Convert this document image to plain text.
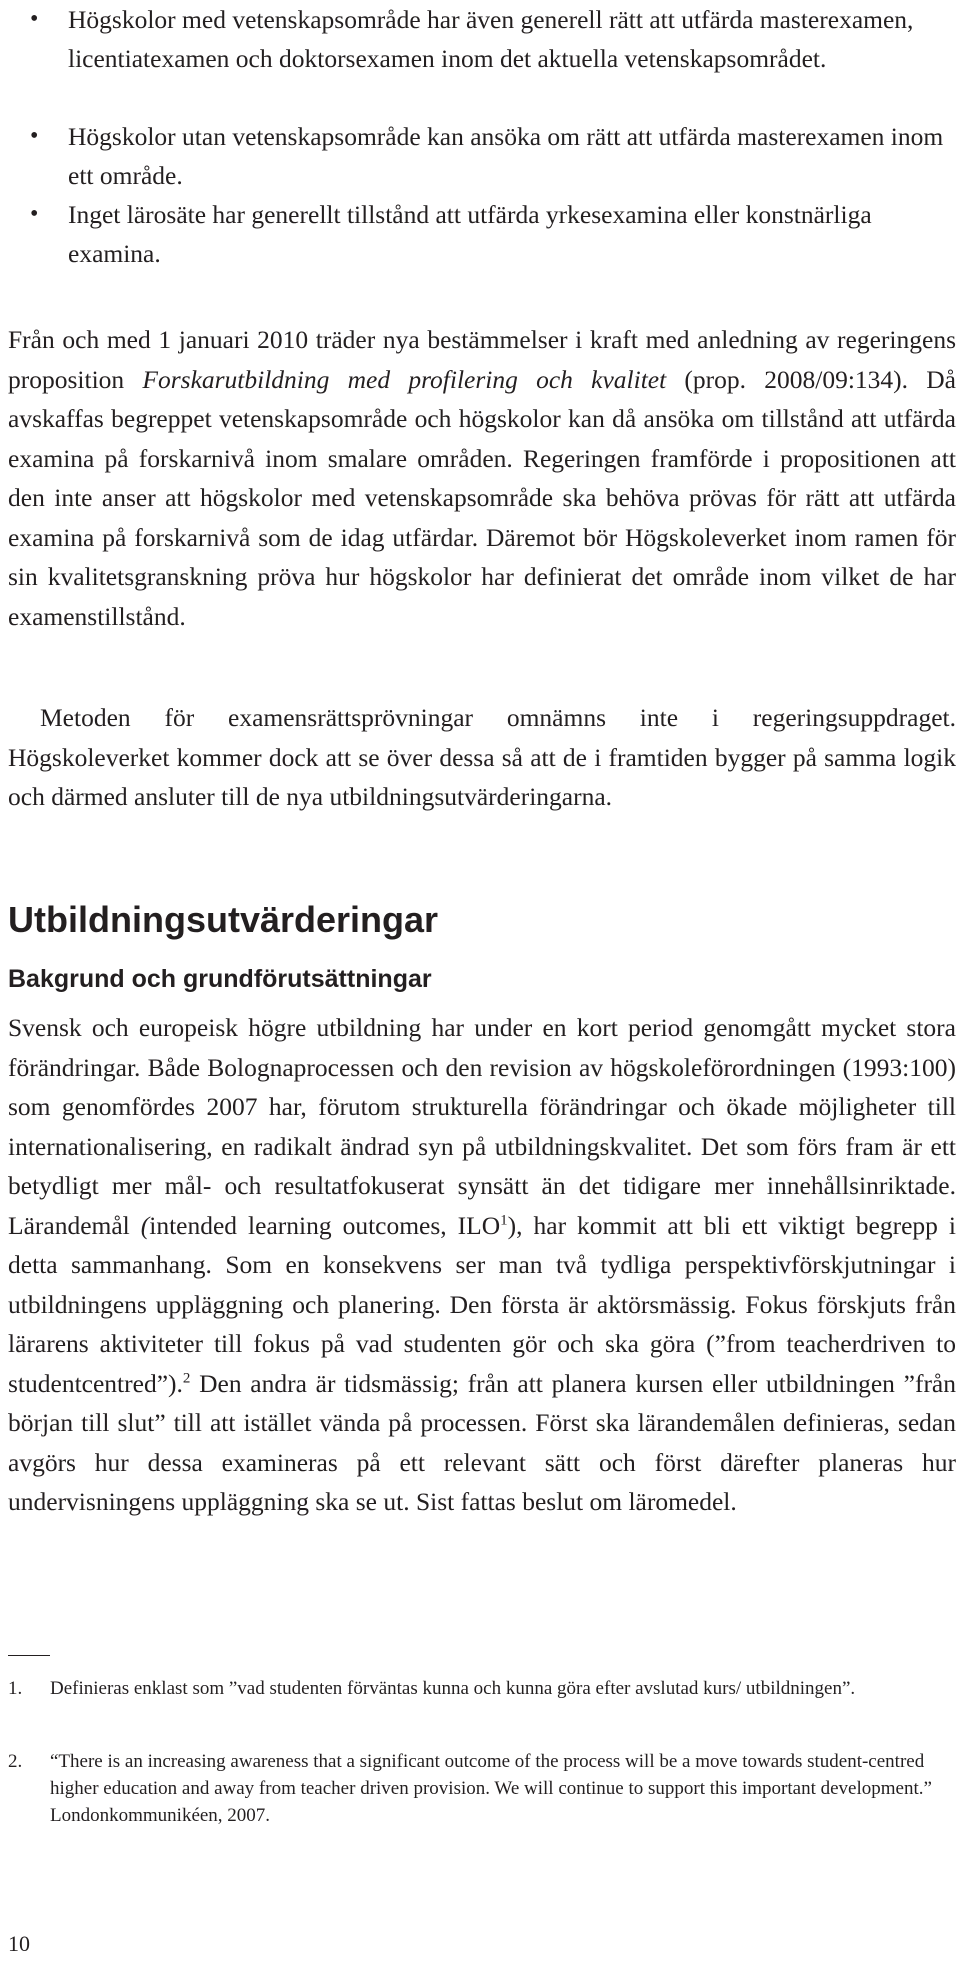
• Högskolor med vetenskapsområde har även generell rätt att utfärda masterexamen, licentiatexamen och doktorsexamen inom det aktuella vetenskapsområdet.
• Högskolor utan vetenskapsområde kan ansöka om rätt att utfärda masterexamen inom ett område.
• Inget lärosäte har generellt tillstånd att utfärda yrkesexamina eller konstnärliga examina.

Från och med 1 januari 2010 träder nya bestämmelser i kraft med anledning av regeringens proposition Forskarutbildning med profilering och kvalitet (prop. 2008/09:134). Då avskaffas begreppet vetenskapsområde och högskolor kan då ansöka om tillstånd att utfärda examina på forskarnivå inom smalare områden. Regeringen framförde i propositionen att den inte anser att högskolor med vetenskapsområde ska behöva prövas för rätt att utfärda examina på forskarnivå som de idag utfärdar. Däremot bör Högskoleverket inom ramen för sin kvalitetsgranskning pröva hur högskolor har definierat det område inom vilket de har examenstillstånd.

Metoden för examensrättsprövningar omnämns inte i regeringsuppdraget. Högskoleverket kommer dock att se över dessa så att de i framtiden bygger på samma logik och därmed ansluter till de nya utbildningsutvärderingarna.

Utbildningsutvärderingar
Bakgrund och grundförutsättningar

Svensk och europeisk högre utbildning har under en kort period genomgått mycket stora förändringar. Både Bolognaprocessen och den revision av högskoleförordningen (1993:100) som genomfördes 2007 har, förutom strukturella förändringar och ökade möjligheter till internationalisering, en radikalt ändrad syn på utbildningskvalitet. Det som förs fram är ett betydligt mer mål- och resultatfokuserat synsätt än det tidigare mer innehållsinriktade. Lärandemål (intended learning outcomes, ILO$^1$), har kommit att bli ett viktigt begrepp i detta sammanhang. Som en konsekvens ser man två tydliga perspektivförskjutningar i utbildningens uppläggning och planering. Den första är aktörsmässig. Fokus förskjuts från lärarens aktiviteter till fokus på vad studenten gör och ska göra (”from teacherdriven to studentcentred”).$^2$ Den andra är tidsmässig; från att planera kursen eller utbildningen ”från början till slut” till att istället vända på processen. Först ska lärandemålen definieras, sedan avgörs hur dessa examineras på ett relevant sätt och först därefter planeras hur undervisningens uppläggning ska se ut. Sist fattas beslut om läromedel.

1. Definieras enklast som ”vad studenten förväntas kunna och kunna göra efter avslutad kurs/ utbildningen”.
2. “There is an increasing awareness that a significant outcome of the process will be a move towards student-centred higher education and away from teacher driven provision. We will continue to support this important development.” Londonkommunikéen, 2007.
10
